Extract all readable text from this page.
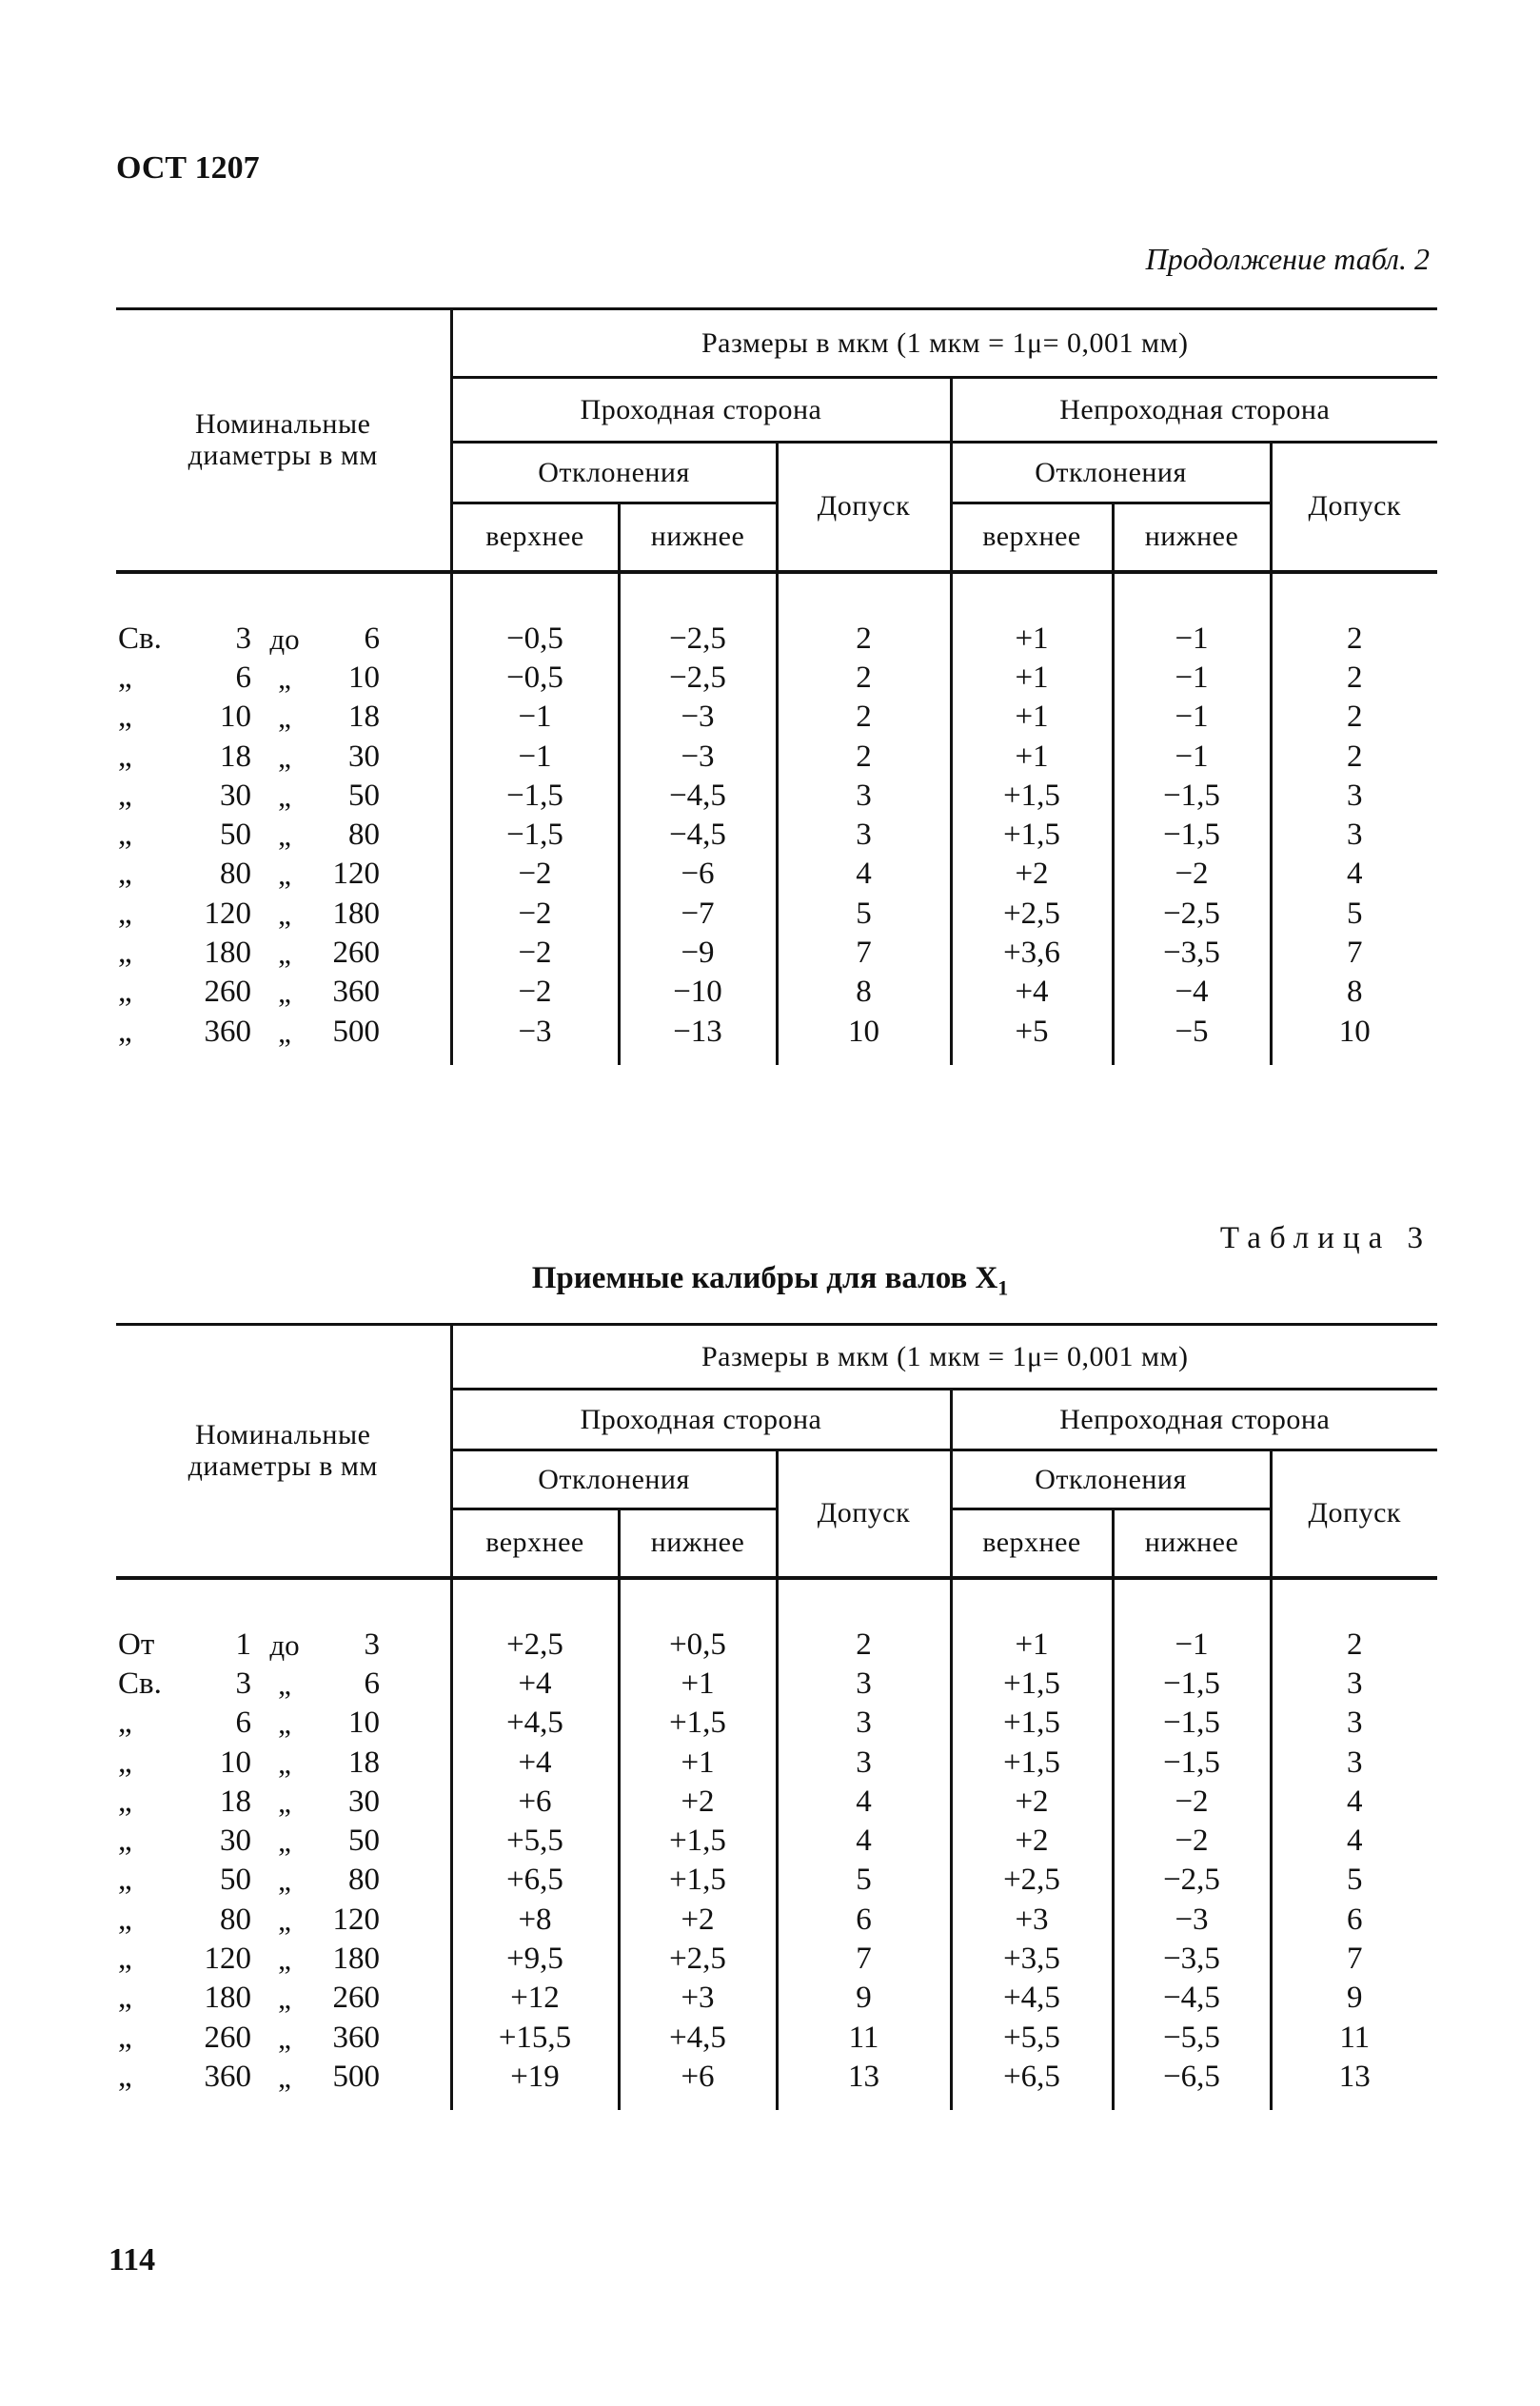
ОСТ 1207
Продолжение табл. 2
Номинальные диаметры в мм	Размеры в мкм (1 мкм = 1μ= 0,001 мм)					
	Проходная сторона			Непроходная сторона		
	Отклонения		Допуск	Отклонения		Допуск
	верхнее	нижнее		верхнее	нижнее	

Св. 3 до 6	−0,5	−2,5	2	+1	−1	2

„ 6 „ 10	−0,5	−2,5	2	+1	−1	2

„ 10 „ 18	−1	−3	2	+1	−1	2

„ 18 „ 30	−1	−3	2	+1	−1	2

„ 30 „ 50	−1,5	−4,5	3	+1,5	−1,5	3

„ 50 „ 80	−1,5	−4,5	3	+1,5	−1,5	3

„ 80 „ 120	−2	−6	4	+2	−2	4

„ 120 „ 180	−2	−7	5	+2,5	−2,5	5

„ 180 „ 260	−2	−9	7	+3,6	−3,5	7

„ 260 „ 360	−2	−10	8	+4	−4	8

„ 360 „ 500	−3	−13	10	+5	−5	10

Таблица 3
Приемные калибры для валов $X_1$
Номинальные диаметры в мм	Размеры в мкм (1 мкм = 1μ= 0,001 мм)					
	Проходная сторона			Непроходная сторона		
	Отклонения		Допуск	Отклонения		Допуск
	верхнее	нижнее		верхнее	нижнее	

От 1 до 3	+2,5	+0,5	2	+1	−1	2

Св. 3 „ 6	+4	+1	3	+1,5	−1,5	3

„ 6 „ 10	+4,5	+1,5	3	+1,5	−1,5	3

„ 10 „ 18	+4	+1	3	+1,5	−1,5	3

„ 18 „ 30	+6	+2	4	+2	−2	4

„ 30 „ 50	+5,5	+1,5	4	+2	−2	4

„ 50 „ 80	+6,5	+1,5	5	+2,5	−2,5	5

„ 80 „ 120	+8	+2	6	+3	−3	6

„ 120 „ 180	+9,5	+2,5	7	+3,5	−3,5	7

„ 180 „ 260	+12	+3	9	+4,5	−4,5	9

„ 260 „ 360	+15,5	+4,5	11	+5,5	−5,5	11

„ 360 „ 500	+19	+6	13	+6,5	−6,5	13

114
